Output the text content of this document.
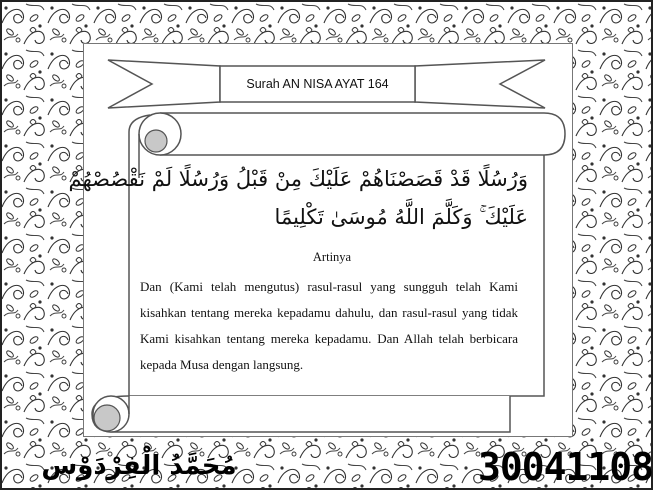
Surah AN NISA AYAT 164
وَرُسُلًا قَدْ قَصَصْنَاهُمْ عَلَيْكَ مِنْ قَبْلُ وَرُسُلًا لَمْ نَقْصُصْهُمْ
عَلَيْكَ ۚ وَكَلَّمَ اللَّهُ مُوسَىٰ تَكْلِيمًا
Artinya

Dan (Kami telah mengutus) rasul-rasul yang sungguh telah Kami kisahkan tentang mereka kepadamu dahulu, dan rasul-rasul yang tidak Kami kisahkan tentang mereka kepadamu. Dan Allah telah berbicara kepada Musa dengan langsung.

مُحَمَّدُ الْفِرْدَوْس	30041108
